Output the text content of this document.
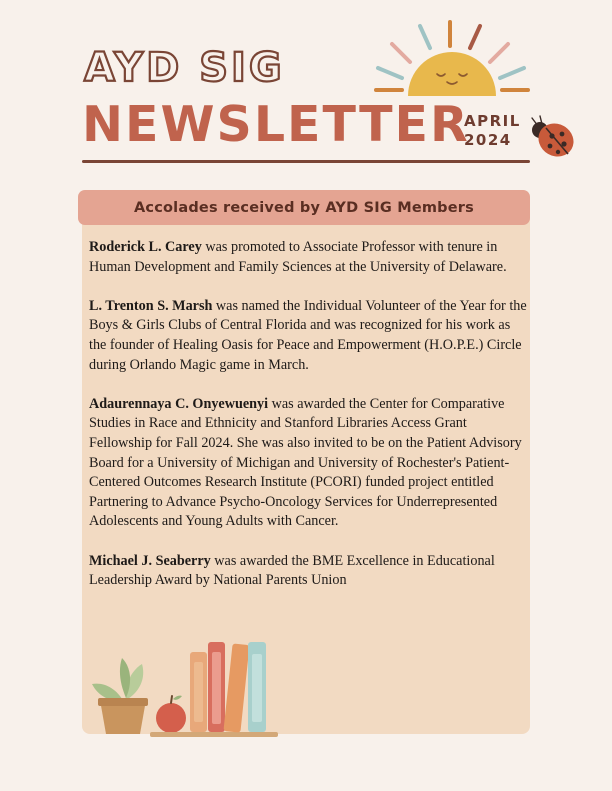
AYD SIG
NEWSLETTER
APRIL
2024
Accolades received by AYD SIG Members

Roderick L. Carey was promoted to Associate Professor with tenure in Human Development and Family Sciences at the University of Delaware.

L. Trenton S. Marsh was named the Individual Volunteer of the Year for the Boys & Girls Clubs of Central Florida and was recognized for his work as the founder of Healing Oasis for Peace and Empowerment (H.O.P.E.) Circle during Orlando Magic game in March.

Adaurennaya C. Onyewuenyi was awarded the Center for Comparative Studies in Race and Ethnicity and Stanford Libraries Access Grant Fellowship for Fall 2024. She was also invited to be on the Patient Advisory Board for a University of Michigan and University of Rochester's Patient-Centered Outcomes Research Institute (PCORI) funded project entitled Partnering to Advance Psycho-Oncology Services for Underrepresented Adolescents and Young Adults with Cancer.

Michael J. Seaberry was awarded the BME Excellence in Educational Leadership Award by National Parents Union
